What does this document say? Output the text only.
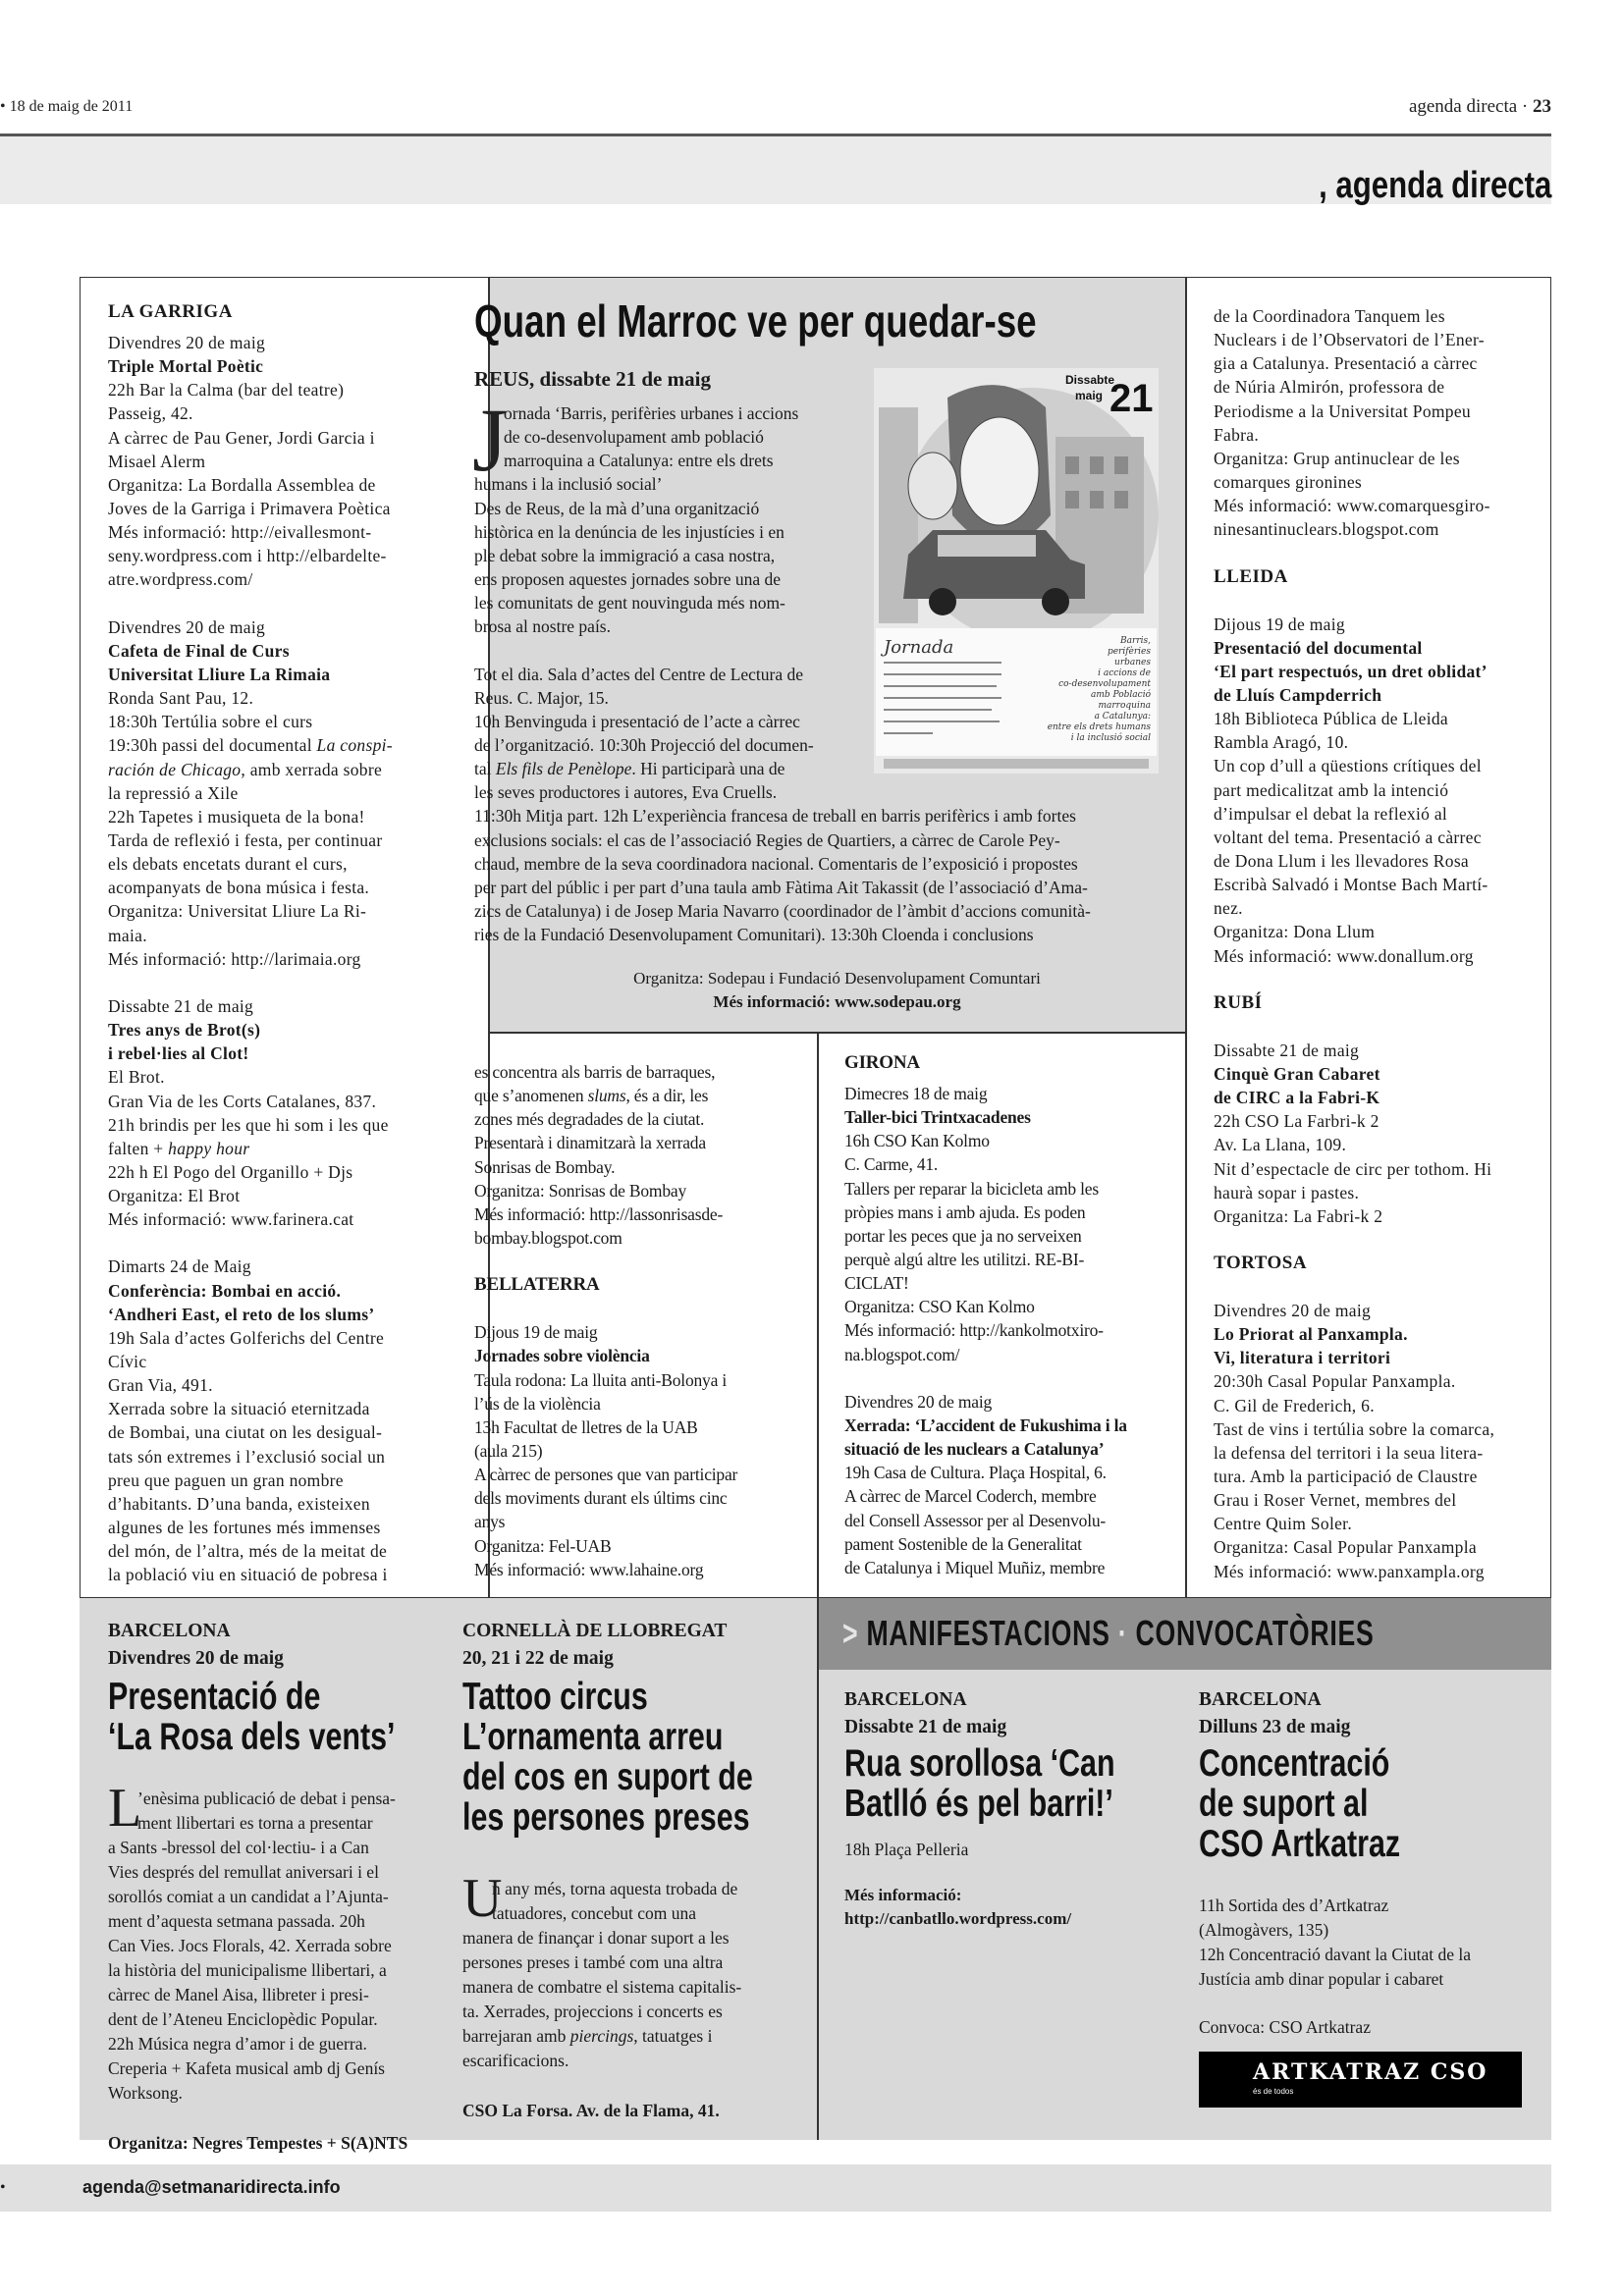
• 18 de maig de 2011	agenda directa · 23
, agenda directa
LA GARRIGA
Divendres 20 de maig
Triple Mortal Poètic
22h Bar la Calma (bar del teatre)
Passeig, 42.
A càrrec de Pau Gener, Jordi Garcia i
Misael Alerm
Organitza: La Bordalla Assemblea de
Joves de la Garriga i Primavera Poètica
Més informació: http://eivallesmont-
seny.wordpress.com i http://elbardelte-
atre.wordpress.com/
Divendres 20 de maig
Cafeta de Final de Curs
Universitat Lliure La Rimaia
Ronda Sant Pau, 12.
18:30h Tertúlia sobre el curs
19:30h passi del documental La conspi-
ración de Chicago, amb xerrada sobre
la repressió a Xile
22h Tapetes i musiqueta de la bona!
Tarda de reflexió i festa, per continuar
els debats encetats durant el curs,
acompanyats de bona música i festa.
Organitza: Universitat Lliure La Ri-
maia.
Més informació: http://larimaia.org
Dissabte 21 de maig
Tres anys de Brot(s)
i rebel·lies al Clot!
El Brot.
Gran Via de les Corts Catalanes, 837.
21h brindis per les que hi som i les que
falten + happy hour
22h h El Pogo del Organillo + Djs
Organitza: El Brot
Més informació: www.farinera.cat
Dimarts 24 de Maig
Conferència: Bombai en acció.
‘Andheri East, el reto de los slums’
19h Sala d’actes Golferichs del Centre
Cívic
Gran Via, 491.
Xerrada sobre la situació eternitzada
de Bombai, una ciutat on les desigual-
tats són extremes i l’exclusió social un
preu que paguen un gran nombre
d’habitants. D’una banda, existeixen
algunes de les fortunes més immenses
del món, de l’altra, més de la meitat de
la població viu en situació de pobresa i
Quan el Marroc ve per quedar-se
REUS, dissabte 21 de maig
J
ornada ‘Barris, perifèries urbanes i accions
de co-desenvolupament amb població
marroquina a Catalunya: entre els drets
humans i la inclusió social’
Des de Reus, de la mà d’una organització
històrica en la denúncia de les injustícies i en
ple debat sobre la immigració a casa nostra,
ens proposen aquestes jornades sobre una de
les comunitats de gent nouvinguda més nom-
brosa al nostre país.
Tot el dia. Sala d’actes del Centre de Lectura de
Reus. C. Major, 15.
10h Benvinguda i presentació de l’acte a càrrec
de l’organització. 10:30h Projecció del documen-
tal Els fils de Penèlope. Hi participarà una de
les seves productores i autores, Eva Cruells.
11:30h Mitja part. 12h L’experiència francesa de treball en barris perifèrics i amb fortes
exclusions socials: el cas de l’associació Regies de Quartiers, a càrrec de Carole Pey-
chaud, membre de la seva coordinadora nacional. Comentaris de l’exposició i propostes
per part del públic i per part d’una taula amb Fàtima Ait Takassit (de l’associació d’Ama-
zics de Catalunya) i de Josep Maria Navarro (coordinador de l’àmbit d’accions comunità-
ries de la Fundació Desenvolupament Comunitari). 13:30h Cloenda i conclusions
Organitza: Sodepau i Fundació Desenvolupament Comuntari
Més informació: www.sodepau.org
Dissabte
maig 21
Jornada	Barris,
perifèries
urbanes
i accions de
co-desenvolupament
amb Població
marroquina
a Catalunya:
entre els drets humans
i la inclusió social
es concentra als barris de barraques,
que s’anomenen slums, és a dir, les
zones més degradades de la ciutat.
Presentarà i dinamitzarà la xerrada
Sonrisas de Bombay.
Organitza: Sonrisas de Bombay
Més informació: http://lassonrisasde-
bombay.blogspot.com
BELLATERRA
Dijous 19 de maig
Jornades sobre violència
Taula rodona: La lluita anti-Bolonya i
l’ús de la violència
13h Facultat de lletres de la UAB
(aula 215)
A càrrec de persones que van participar
dels moviments durant els últims cinc
anys
Organitza: Fel-UAB
Més informació: www.lahaine.org
GIRONA
Dimecres 18 de maig
Taller-bici Trintxacadenes
16h CSO Kan Kolmo
C. Carme, 41.
Tallers per reparar la bicicleta amb les
pròpies mans i amb ajuda. Es poden
portar les peces que ja no serveixen
perquè algú altre les utilitzi. RE-BI-
CICLAT!
Organitza: CSO Kan Kolmo
Més informació: http://kankolmotxiro-
na.blogspot.com/
Divendres 20 de maig
Xerrada: ‘L’accident de Fukushima i la
situació de les nuclears a Catalunya’
19h Casa de Cultura. Plaça Hospital, 6.
A càrrec de Marcel Coderch, membre
del Consell Assessor per al Desenvolu-
pament Sostenible de la Generalitat
de Catalunya i Miquel Muñiz, membre
de la Coordinadora Tanquem les
Nuclears i de l’Observatori de l’Ener-
gia a Catalunya. Presentació a càrrec
de Núria Almirón, professora de
Periodisme a la Universitat Pompeu
Fabra.
Organitza: Grup antinuclear de les
comarques gironines
Més informació: www.comarquesgiro-
ninesantinuclears.blogspot.com
LLEIDA
Dijous 19 de maig
Presentació del documental
‘El part respectuós, un dret oblidat’
de Lluís Campderrich
18h Biblioteca Pública de Lleida
Rambla Aragó, 10.
Un cop d’ull a qüestions crítiques del
part medicalitzat amb la intenció
d’impulsar el debat la reflexió al
voltant del tema. Presentació a càrrec
de Dona Llum i les llevadores Rosa
Escribà Salvadó i Montse Bach Martí-
nez.
Organitza: Dona Llum
Més informació: www.donallum.org
RUBÍ
Dissabte 21 de maig
Cinquè Gran Cabaret
de CIRC a la Fabri-K
22h CSO La Farbri-k 2
Av. La Llana, 109.
Nit d’espectacle de circ per tothom. Hi
haurà sopar i pastes.
Organitza: La Fabri-k 2
TORTOSA
Divendres 20 de maig
Lo Priorat al Panxampla.
Vi, literatura i territori
20:30h Casal Popular Panxampla.
C. Gil de Frederich, 6.
Tast de vins i tertúlia sobre la comarca,
la defensa del territori i la seua litera-
tura. Amb la participació de Claustre
Grau i Roser Vernet, membres del
Centre Quim Soler.
Organitza: Casal Popular Panxampla
Més informació: www.panxampla.org
> MANIFESTACIONS · CONVOCATÒRIES
BARCELONA
Divendres 20 de maig
Presentació de
‘La Rosa dels vents’
L
’enèsima publicació de debat i pensa-
ment llibertari es torna a presentar
a Sants -bressol del col·lectiu- i a Can
Vies després del remullat aniversari i el
sorollós comiat a un candidat a l’Ajunta-
ment d’aquesta setmana passada. 20h
Can Vies. Jocs Florals, 42. Xerrada sobre
la història del municipalisme llibertari, a
càrrec de Manel Aisa, llibreter i presi-
dent de l’Ateneu Enciclopèdic Popular.
22h Música negra d’amor i de guerra.
Creperia + Kafeta musical amb dj Genís
Worksong.
Organitza: Negres Tempestes + S(A)NTS
CORNELLÀ DE LLOBREGAT
20, 21 i 22 de maig
Tattoo circus
L’ornamenta arreu
del cos en suport de
les persones preses
U
n any més, torna aquesta trobada de
tatuadores, concebut com una
manera de finançar i donar suport a les
persones preses i també com una altra
manera de combatre el sistema capitalis-
ta. Xerrades, projeccions i concerts es
barrejaran amb piercings, tatuatges i
escarificacions.
CSO La Forsa. Av. de la Flama, 41.
BARCELONA
Dissabte 21 de maig
Rua sorollosa ‘Can
Batlló és pel barri!’
18h Plaça Pelleria
Més informació:
http://canbatllo.wordpress.com/
BARCELONA
Dilluns 23 de maig
Concentració
de suport al
CSO Artkatraz
11h Sortida des d’Artkatraz
(Almogàvers, 135)
12h Concentració davant la Ciutat de la
Justícia amb dinar popular i cabaret
Convoca: CSO Artkatraz
ARTKATRAZ CSO
és de todos
•	agenda@setmanaridirecta.info
